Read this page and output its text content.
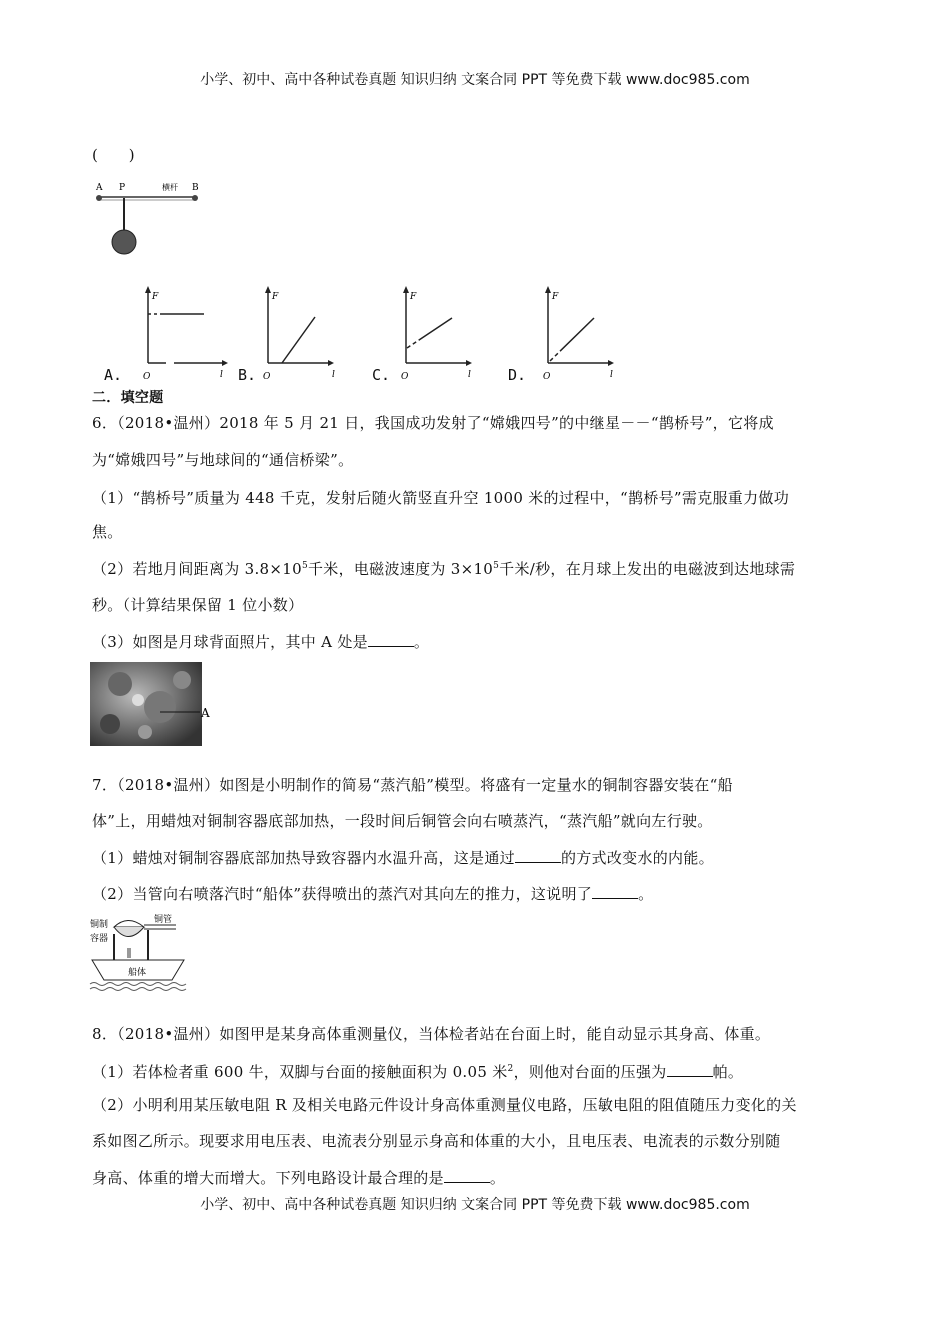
小学、初中、高中各种试卷真题 知识归纳 文案合同 PPT 等免费下载 www.doc985.com
(　　)
A P	横杆 B
F
O	l
F
O	l
F
O	l
F
O	l
A.	B.	C.	D.
二．填空题
6．（2018•温州）2018 年 5 月 21 日，我国成功发射了“嫦娥四号”的中继星－－“鹊桥号”，它将成
为“嫦娥四号”与地球间的“通信桥梁”。
（1）“鹊桥号”质量为 448 千克，发射后随火箭竖直升空 1000 米的过程中，“鹊桥号”需克服重力做功
焦。
（2）若地月间距离为 $3.8\times 10^5$千米，电磁波速度为 $3\times 10^5$千米/秒，在月球上发出的电磁波到达地球需
秒。（计算结果保留 1 位小数）
（3）如图是月球背面照片，其中 A 处是	。
A
7．（2018•温州）如图是小明制作的简易“蒸汽船”模型。将盛有一定量水的铜制容器安装在“船
体”上，用蜡烛对铜制容器底部加热，一段时间后铜管会向右喷蒸汽，“蒸汽船”就向左行驶。
（1）蜡烛对铜制容器底部加热导致容器内水温升高，这是通过	的方式改变水的内能。
（2）当管向右喷落汽时“船体”获得喷出的蒸汽对其向左的推力，这说明了	。
铜制
容器
铜管
船体
8．（2018•温州）如图甲是某身高体重测量仪，当体检者站在台面上时，能自动显示其身高、体重。
（1）若体检者重 600 牛，双脚与台面的接触面积为 0.05 米$^2$，则他对台面的压强为	帕。
（2）小明利用某压敏电阻 R 及相关电路元件设计身高体重测量仪电路，压敏电阻的阻值随压力变化的关
系如图乙所示。现要求用电压表、电流表分别显示身高和体重的大小，且电压表、电流表的示数分别随
身高、体重的增大而增大。下列电路设计最合理的是	。
小学、初中、高中各种试卷真题 知识归纳 文案合同 PPT 等免费下载 www.doc985.com
